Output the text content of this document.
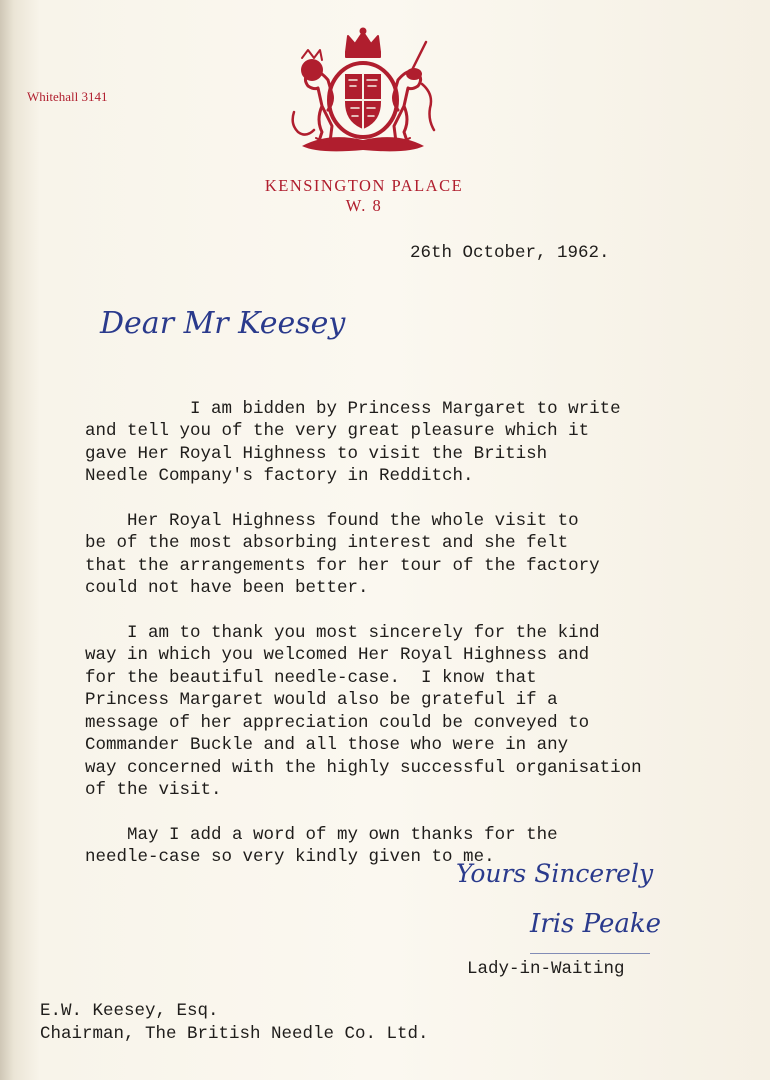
Whitehall 3141
KENSINGTON PALACE
W. 8
26th October, 1962.
Dear Mr Keesey

I am bidden by Princess Margaret to write
and tell you of the very great pleasure which it
gave Her Royal Highness to visit the British
Needle Company's factory in Redditch.

Her Royal Highness found the whole visit to
be of the most absorbing interest and she felt
that the arrangements for her tour of the factory
could not have been better.

I am to thank you most sincerely for the kind
way in which you welcomed Her Royal Highness and
for the beautiful needle-case.  I know that
Princess Margaret would also be grateful if a
message of her appreciation could be conveyed to
Commander Buckle and all those who were in any
way concerned with the highly successful organisation
of the visit.

May I add a word of my own thanks for the
needle-case so very kindly given to me.

Yours Sincerely
Iris Peake
Lady-in-Waiting
E.W. Keesey, Esq.
Chairman, The British Needle Co. Ltd.
